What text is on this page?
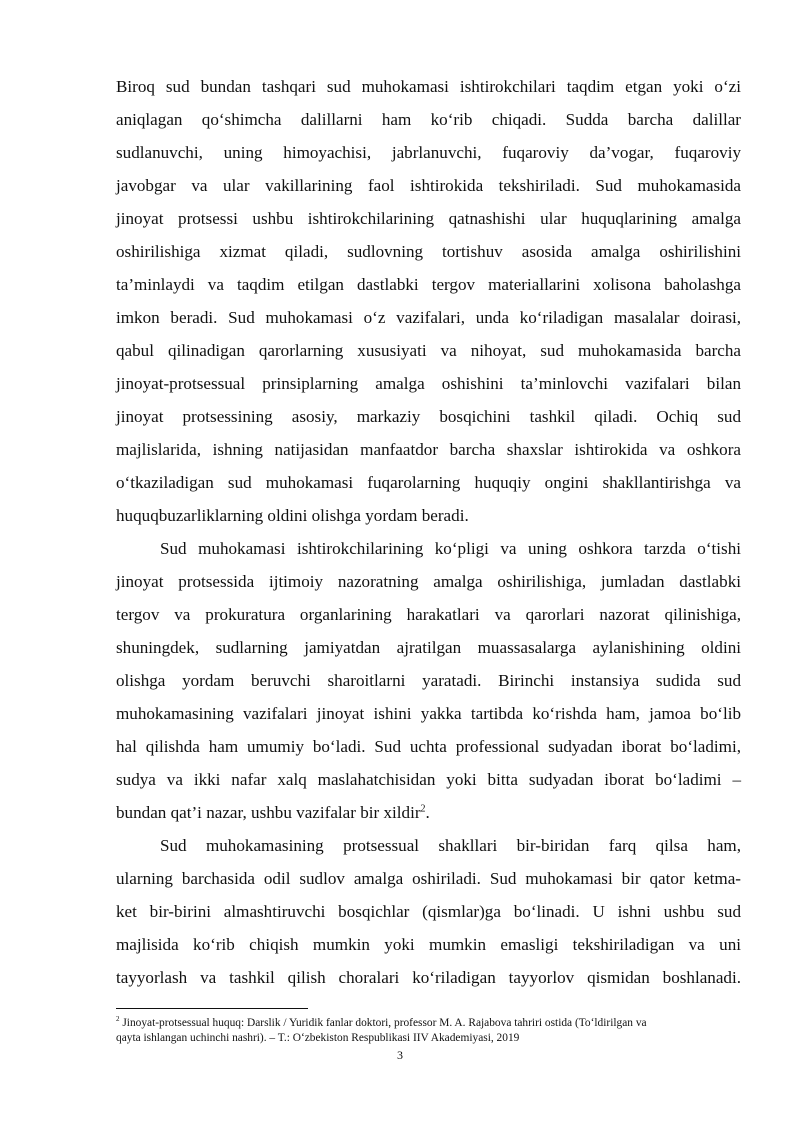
Biroq sud bundan tashqari sud muhokamasi ishtirokchilari taqdim etgan yoki o‘zi
aniqlagan qo‘shimcha dalillarni ham ko‘rib chiqadi. Sudda barcha dalillar
sudlanuvchi, uning himoyachisi, jabrlanuvchi, fuqaroviy da’vogar, fuqaroviy
javobgar va ular vakillarining faol ishtirokida tekshiriladi. Sud muhokamasida
jinoyat protsessi ushbu ishtirokchilarining qatnashishi ular huquqlarining amalga
oshirilishiga xizmat qiladi, sudlovning tortishuv asosida amalga oshirilishini
ta’minlaydi va taqdim etilgan dastlabki tergov materiallarini xolisona baholashga
imkon beradi. Sud muhokamasi o‘z vazifalari, unda ko‘riladigan masalalar doirasi,
qabul qilinadigan qarorlarning xususiyati va nihoyat, sud muhokamasida barcha
jinoyat-protsessual prinsiplarning amalga oshishini ta’minlovchi vazifalari bilan
jinoyat protsessining asosiy, markaziy bosqichini tashkil qiladi. Ochiq sud
majlislarida, ishning natijasidan manfaatdor barcha shaxslar ishtirokida va oshkora
o‘tkaziladigan sud muhokamasi fuqarolarning huquqiy ongini shakllantirishga va
huquqbuzarliklarning oldini olishga yordam beradi.

Sud muhokamasi ishtirokchilarining ko‘pligi va uning oshkora tarzda o‘tishi
jinoyat protsessida ijtimoiy nazoratning amalga oshirilishiga, jumladan dastlabki
tergov va prokuratura organlarining harakatlari va qarorlari nazorat qilinishiga,
shuningdek, sudlarning jamiyatdan ajratilgan muassasalarga aylanishining oldini
olishga yordam beruvchi sharoitlarni yaratadi. Birinchi instansiya sudida sud
muhokamasining vazifalari jinoyat ishini yakka tartibda ko‘rishda ham, jamoa bo‘lib
hal qilishda ham umumiy bo‘ladi. Sud uchta professional sudyadan iborat bo‘ladimi,
sudya va ikki nafar xalq maslahatchisidan yoki bitta sudyadan iborat bo‘ladimi –
bundan qat’i nazar, ushbu vazifalar bir xildir$^2$.

Sud muhokamasining protsessual shakllari bir-biridan farq qilsa ham,
ularning barchasida odil sudlov amalga oshiriladi. Sud muhokamasi bir qator ketma-
ket bir-birini almashtiruvchi bosqichlar (qismlar)ga bo‘linadi. U ishni ushbu sud
majlisida ko‘rib chiqish mumkin yoki mumkin emasligi tekshiriladigan va uni
tayyorlash va tashkil qilish choralari ko‘riladigan tayyorlov qismidan boshlanadi.

$^2$ Jinoyat-protsessual huquq: Darslik / Yuridik fanlar doktori, professor M. A. Rajabova tahriri ostida (To‘ldirilgan va
qayta ishlangan uchinchi nashri). – T.: O‘zbekiston Respublikasi IIV Akademiyasi, 2019
3
